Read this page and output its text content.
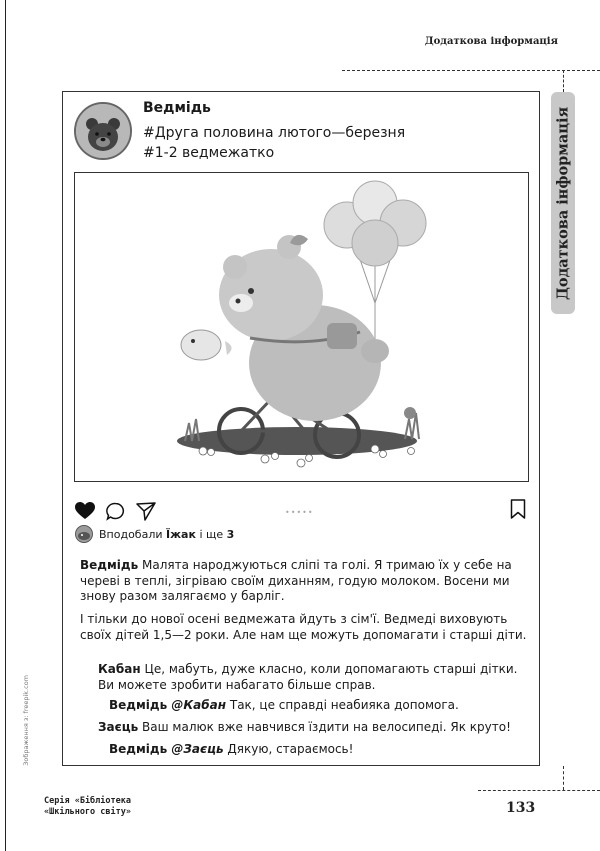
Додаткова інформація
Додаткова інформація
Зображення з: freepik.com
Ведмідь
#Друга половина лютого—березня
#1-2 ведмежатко
•••••
Вподобали Їжак і ще 3

Ведмідь Малята народжуються сліпі та голі. Я тримаю їх у себе на череві в теплі, зігріваю своїм диханням, годую молоком. Восени ми знову разом залягаємо у барліг.

І тільки до нової осені ведмежата йдуть з сім'ї. Ведмеді виховують своїх дітей 1,5—2 роки. Але нам ще можуть допомагати і старші діти.

Кабан Це, мабуть, дуже класно, коли допомагають старші дітки. Ви можете зробити набагато більше справ.

Ведмідь @Кабан Так, це справді неабияка допомога.

Заєць Ваш малюк вже навчився їздити на велосипеді. Як круто!

Ведмідь @Заєць Дякую, стараємось!

Серія «Бібліотека
«Шкільного світу»	133
